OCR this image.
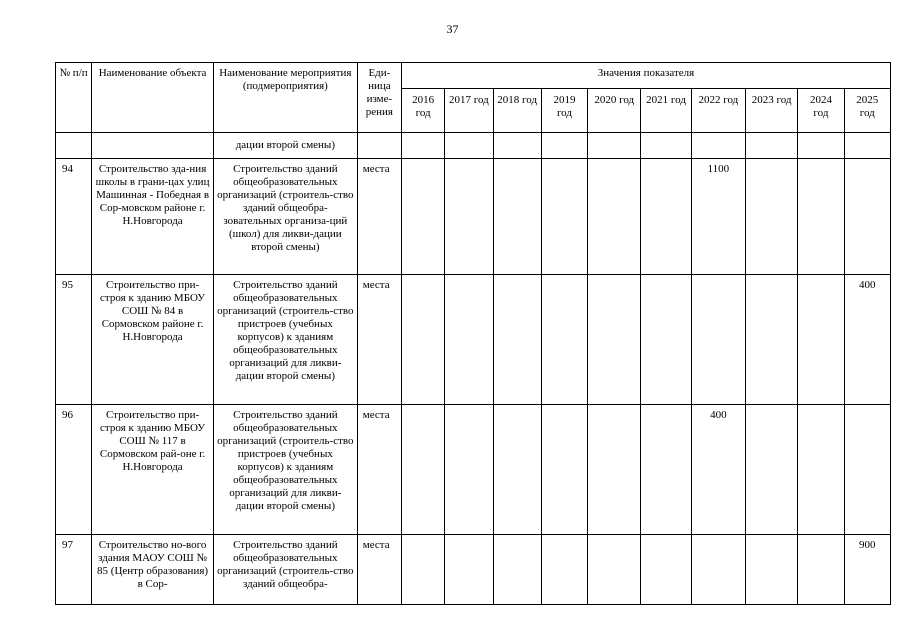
37
№ п/п	Наименование объекта	Наименование мероприятия (подмероприятия)	Еди-ница изме-рения	Значения показателя									
				2016 год	2017 год	2018 год	2019 год	2020 год	2021 год	2022 год	2023 год	2024 год	2025 год
		дации второй смены)											
94	Строительство зда-ния школы в грани-цах улиц Машинная - Победная в Сор-мовском районе г. Н.Новгорода	Строительство зданий общеобразовательных организаций (строитель-ство зданий общеобра-зовательных организа-ций (школ) для ликви-дации второй смены)	места							1100			
95	Строительство при-строя к зданию МБОУ СОШ № 84 в Сормовском районе г. Н.Новгорода	Строительство зданий общеобразовательных организаций (строитель-ство пристроев (учебных корпусов) к зданиям общеобразовательных организаций для ликви-дации второй смены)	места										400
96	Строительство при-строя к зданию МБОУ СОШ № 117 в Сормовском рай-оне г. Н.Новгорода	Строительство зданий общеобразовательных организаций (строитель-ство пристроев (учебных корпусов) к зданиям общеобразовательных организаций для ликви-дации второй смены)	места							400			
97	Строительство но-вого здания МАОУ СОШ № 85 (Центр образования) в Сор-	Строительство зданий общеобразовательных организаций (строитель-ство зданий общеобра-	места										900
